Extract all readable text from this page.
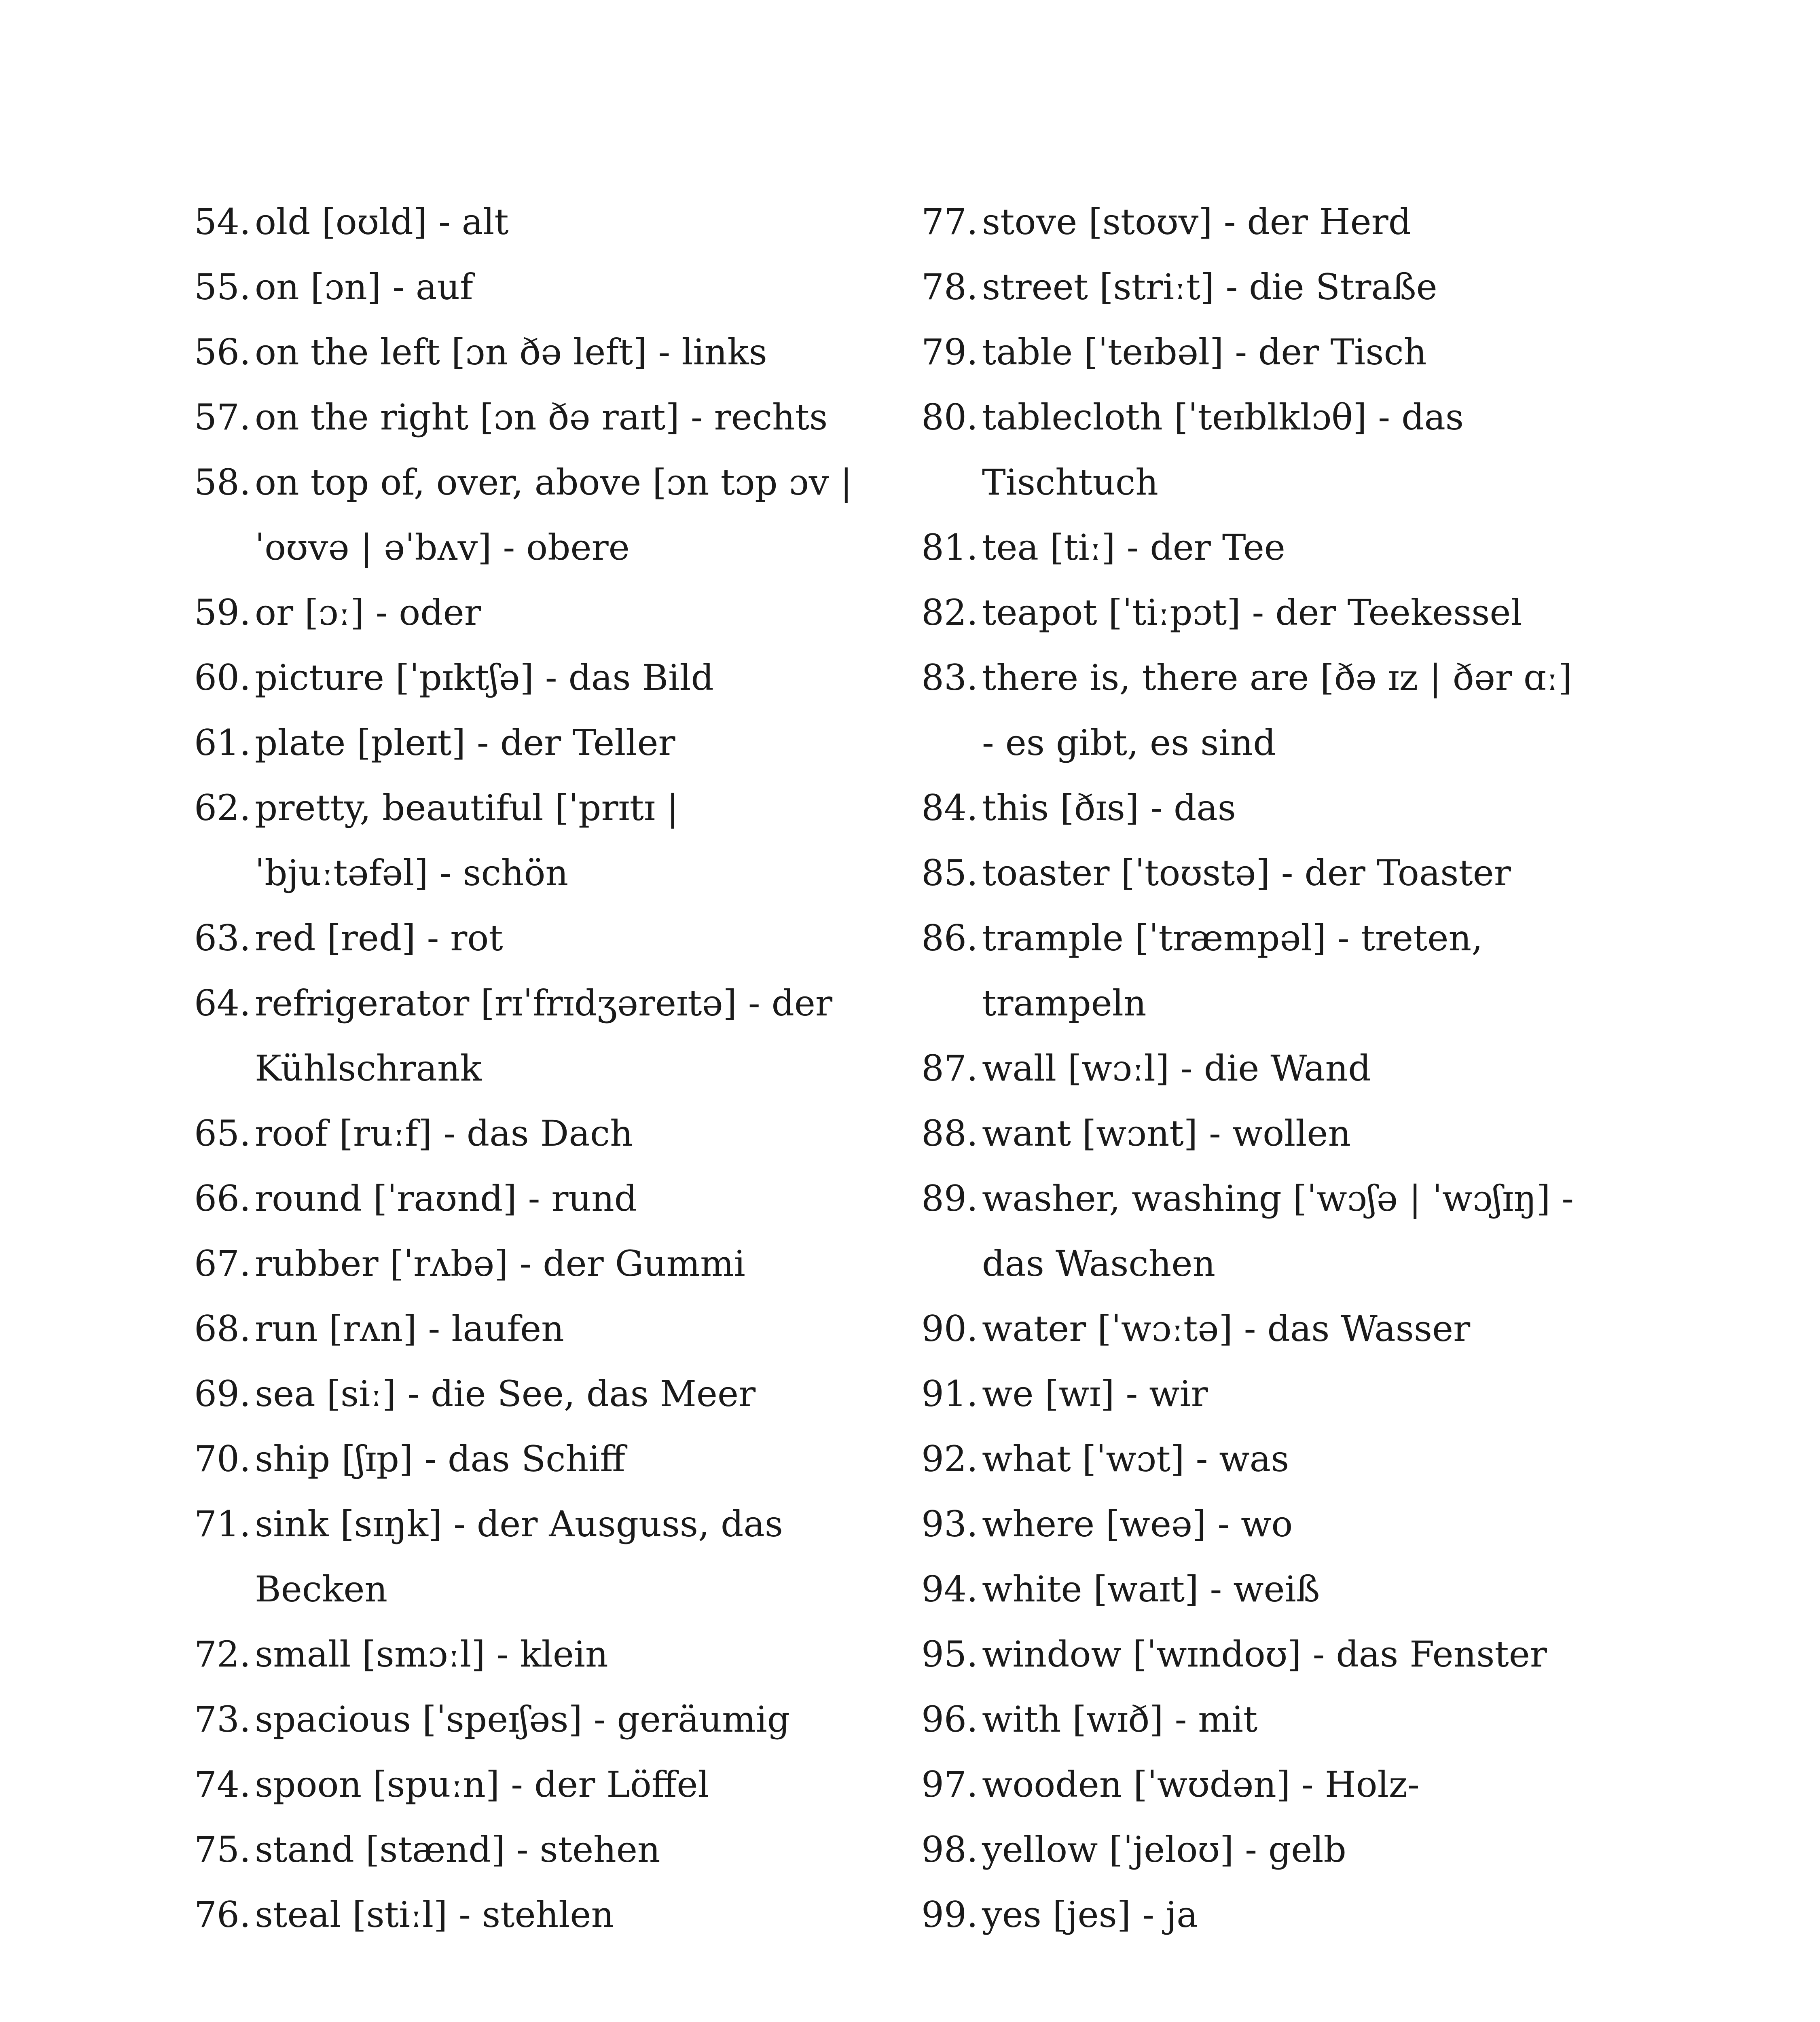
54. old [oʊld] - alt
55. on [ɔn] - auf
56. on the left [ɔn ðə left] - links
57. on the right [ɔn ðə raɪt] - rechts
58. on top of, over, above [ɔn tɔp ɔv | ˈoʊvə | əˈbʌv] - obere
59. or [ɔː] - oder
60. picture [ˈpɪktʃə] - das Bild
61. plate [pleɪt] - der Teller
62. pretty, beautiful [ˈprɪtɪ | ˈbjuːtəfəl] - schön
63. red [red] - rot
64. refrigerator [rɪˈfrɪdʒəreɪtə] - der Kühlschrank
65. roof [ruːf] - das Dach
66. round [ˈraʊnd] - rund
67. rubber [ˈrʌbə] - der Gummi
68. run [rʌn] - laufen
69. sea [siː] - die See, das Meer
70. ship [ʃɪp] - das Schiff
71. sink [sɪŋk] - der Ausguss, das Becken
72. small [smɔːl] - klein
73. spacious [ˈspeɪʃəs] - geräumig
74. spoon [spuːn] - der Löffel
75. stand [stænd] - stehen
76. steal [stiːl] - stehlen
77. stove [stoʊv] - der Herd
78. street [striːt] - die Straße
79. table [ˈteɪbəl] - der Tisch
80. tablecloth [ˈteɪblklɔθ] - das Tischtuch
81. tea [tiː] - der Tee
82. teapot [ˈtiːpɔt] - der Teekessel
83. there is, there are [ðə ɪz | ðər ɑː] - es gibt, es sind
84. this [ðɪs] - das
85. toaster [ˈtoʊstə] - der Toaster
86. trample [ˈtræmpəl] - treten, trampeln
87. wall [wɔːl] - die Wand
88. want [wɔnt] - wollen
89. washer, washing [ˈwɔʃə | ˈwɔʃɪŋ] - das Waschen
90. water [ˈwɔːtə] - das Wasser
91. we [wɪ] - wir
92. what [ˈwɔt] - was
93. where [weə] - wo
94. white [waɪt] - weiß
95. window [ˈwɪndoʊ] - das Fenster
96. with [wɪð] - mit
97. wooden [ˈwʊdən] - Holz-
98. yellow [ˈjeloʊ] - gelb
99. yes [jes] - ja
